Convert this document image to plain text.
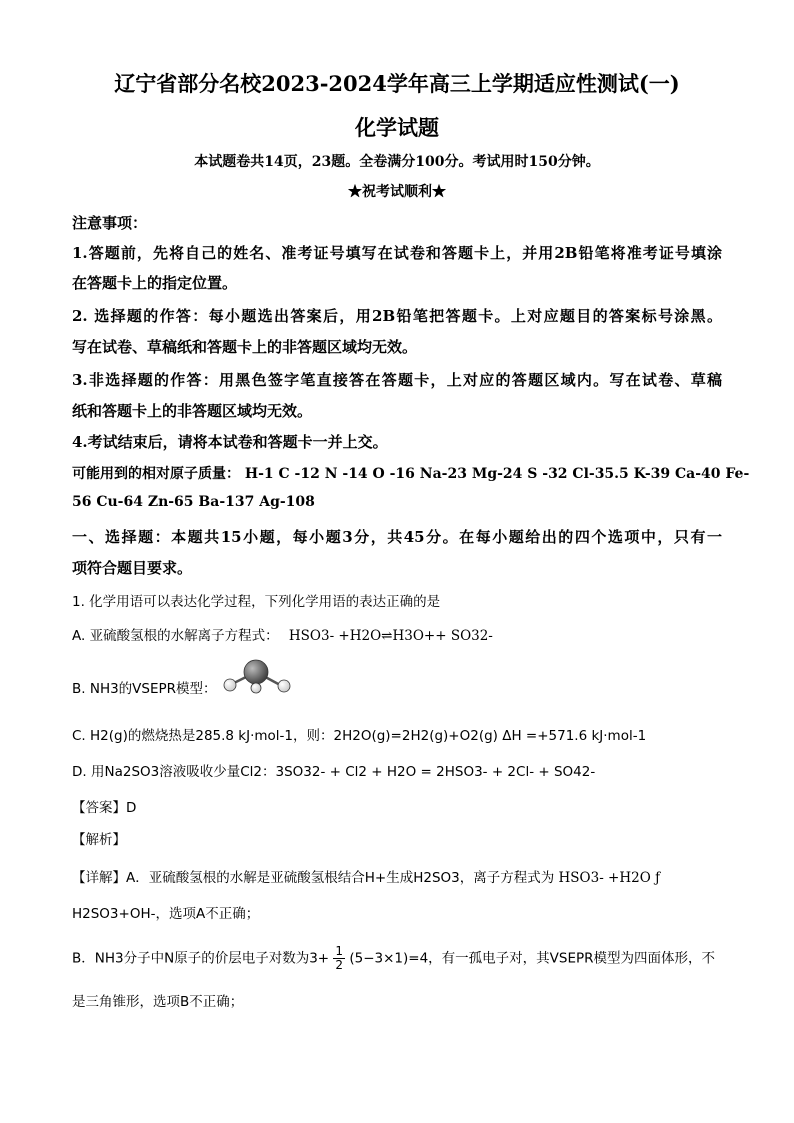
辽宁省部分名校2023-2024学年高三上学期适应性测试(一)
化学试题
本试题卷共14页，23题。全卷满分100分。考试用时150分钟。
★祝考试顺利★
注意事项：
1.答题前，先将自己的姓名、准考证号填写在试卷和答题卡上，并用2B铅笔将准考证号填涂
在答题卡上的指定位置。
2. 选择题的作答：每小题选出答案后，用2B铅笔把答题卡。上对应题目的答案标号涂黑。
写在试卷、草稿纸和答题卡上的非答题区域均无效。
3.非选择题的作答：用黑色签字笔直接答在答题卡，上对应的答题区域内。写在试卷、草稿
纸和答题卡上的非答题区域均无效。
4.考试结束后，请将本试卷和答题卡一并上交。
可能用到的相对原子质量： H-1 C -12 N -14 O -16 Na-23 Mg-24 S -32 Cl-35.5 K-39 Ca-40 Fe-
56 Cu-64 Zn-65 Ba-137 Ag-108
一、选择题：本题共15小题，每小题3分，共45分。在每小题给出的四个选项中，只有一
项符合题目要求。
1. 化学用语可以表达化学过程，下列化学用语的表达正确的是
A. 亚硫酸氢根的水解离子方程式： HSO3- +H2O⇌H3O++ SO32-
B. NH3的VSEPR模型：
C. H2(g)的燃烧热是285.8 kJ·mol-1，则：2H2O(g)=2H2(g)+O2(g) ΔH =+571.6 kJ·mol-1
D. 用Na2SO3溶液吸收少量Cl2：3SO32- + Cl2 + H2O = 2HSO3- + 2Cl- + SO42-
【答案】D
【解析】
【详解】A．亚硫酸氢根的水解是亚硫酸氢根结合H+生成H2SO3，离子方程式为 HSO3- +H2O ƒ
H2SO3+OH-，选项A不正确；
B．NH3分子中N原子的价层电子对数为$3+ \frac{1}{2} (5-3\times 1)=4$，有一孤电子对，其VSEPR模型为四面体形，不
是三角锥形，选项B不正确；
